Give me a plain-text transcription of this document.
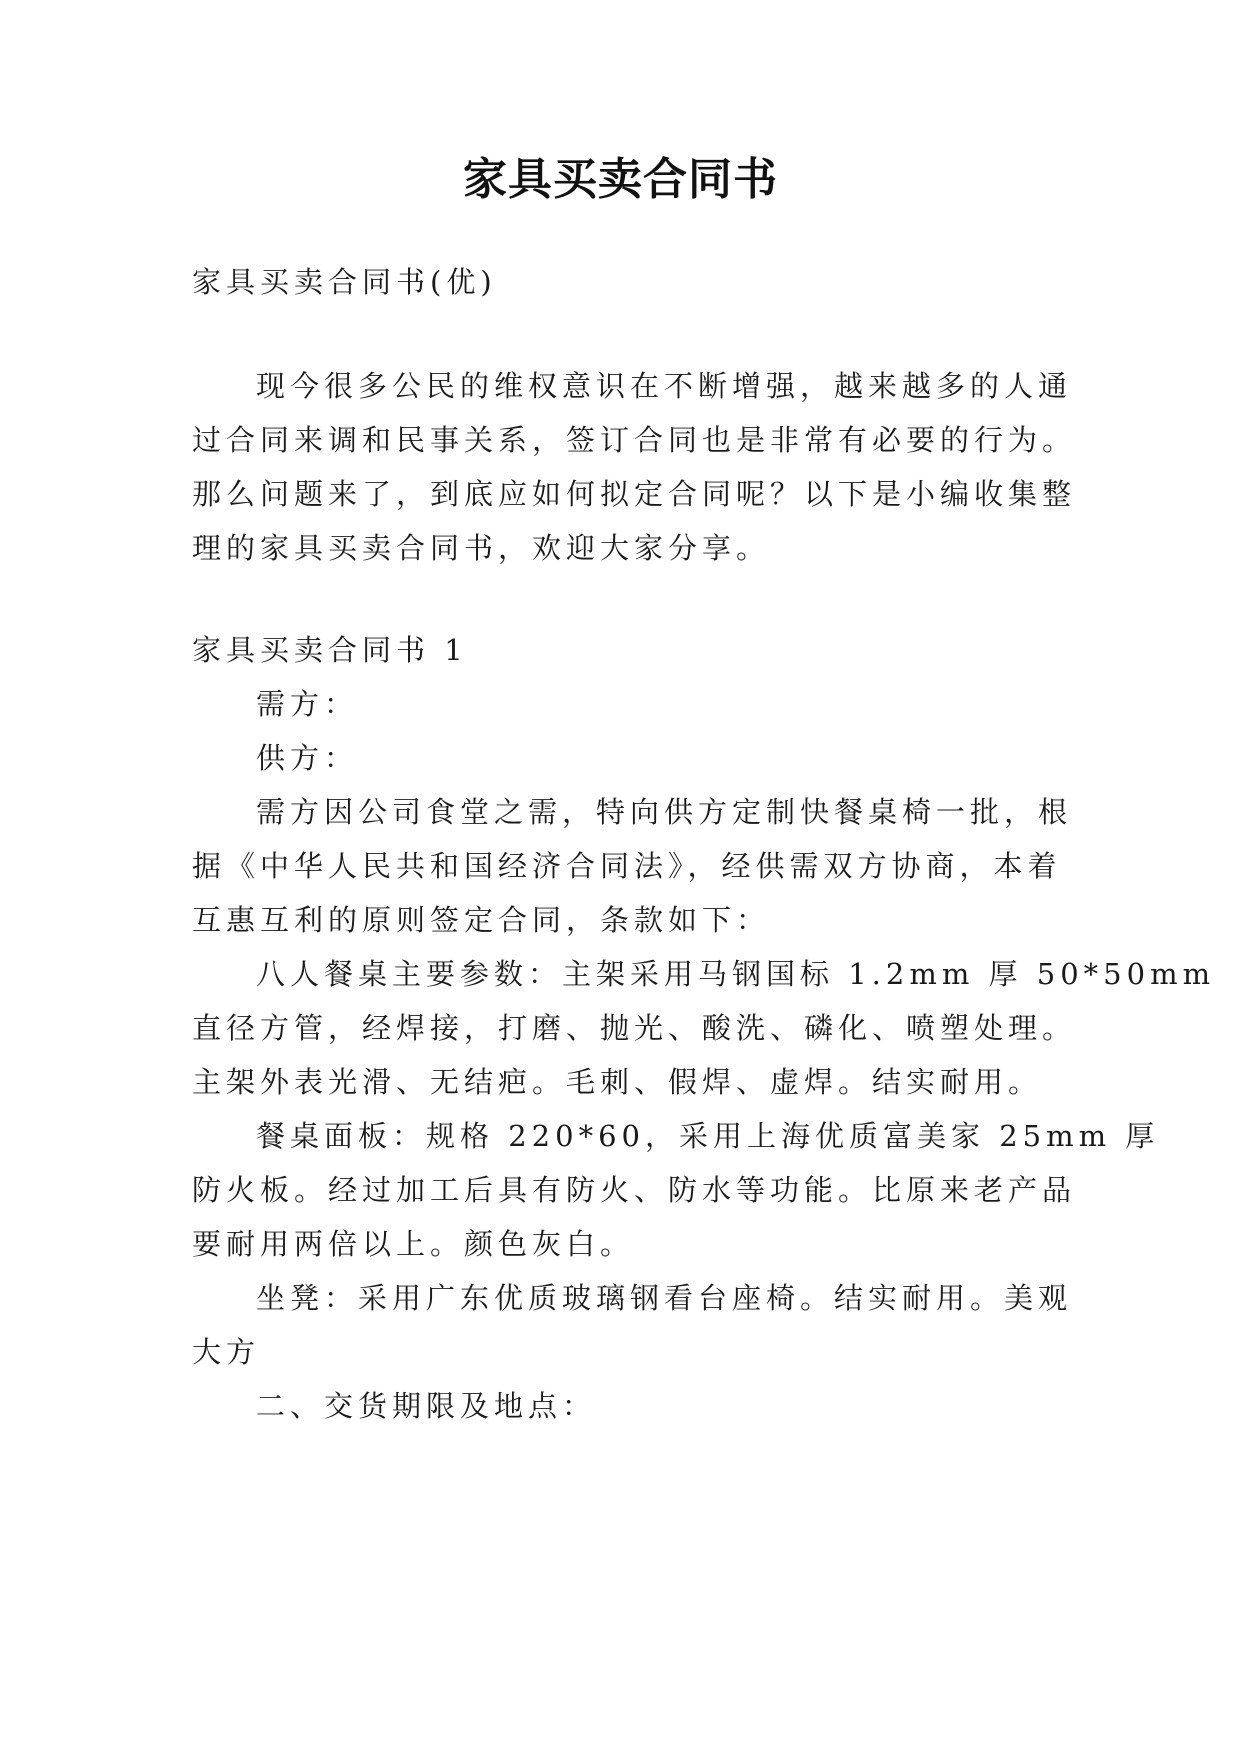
家具买卖合同书
家具买卖合同书(优)
现今很多公民的维权意识在不断增强，越来越多的人通
过合同来调和民事关系，签订合同也是非常有必要的行为。
那么问题来了，到底应如何拟定合同呢？以下是小编收集整
理的家具买卖合同书，欢迎大家分享。
家具买卖合同书 1
需方：
供方：
需方因公司食堂之需，特向供方定制快餐桌椅一批，根
据《中华人民共和国经济合同法》，经供需双方协商，本着
互惠互利的原则签定合同，条款如下：
八人餐桌主要参数：主架采用马钢国标 1.2mm 厚 50*50mm
直径方管，经焊接，打磨、抛光、酸洗、磷化、喷塑处理。
主架外表光滑、无结疤。毛刺、假焊、虚焊。结实耐用。
餐桌面板：规格 220*60，采用上海优质富美家 25mm 厚
防火板。经过加工后具有防火、防水等功能。比原来老产品
要耐用两倍以上。颜色灰白。
坐凳：采用广东优质玻璃钢看台座椅。结实耐用。美观
大方
二、交货期限及地点：
